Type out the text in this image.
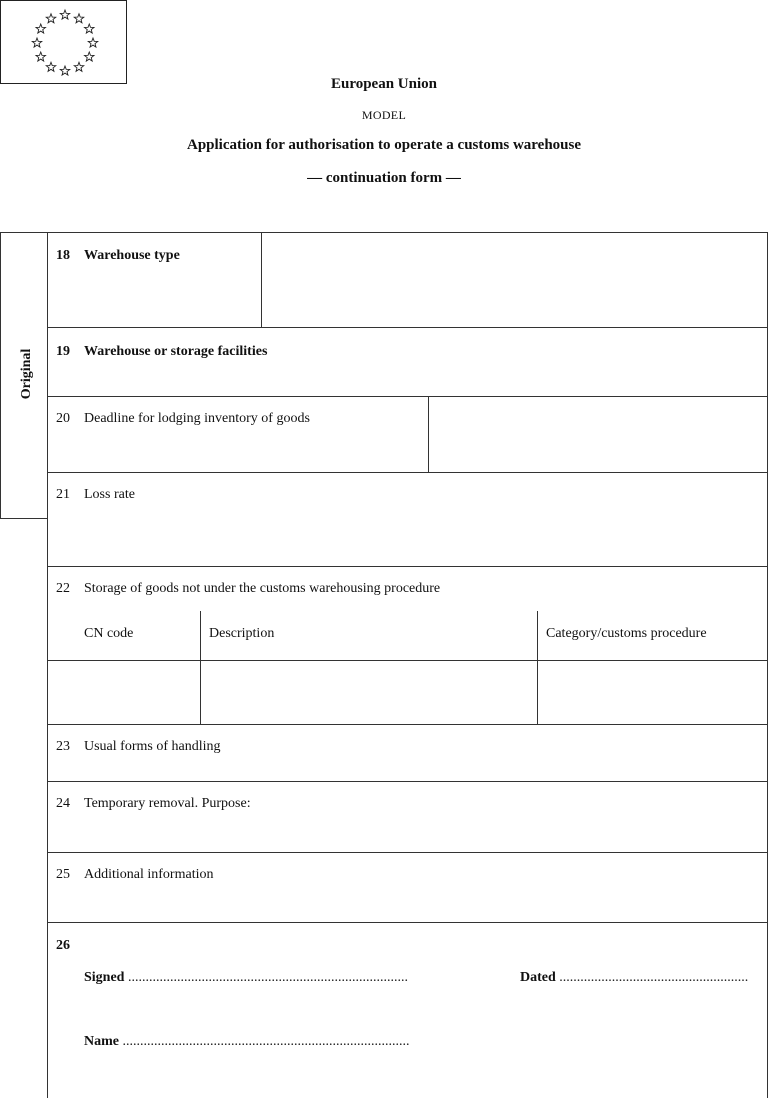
European Union
MODEL
Application for authorisation to operate a customs warehouse
— continuation form —
Original
18 Warehouse type
19 Warehouse or storage facilities
20 Deadline for lodging inventory of goods
21 Loss rate
22 Storage of goods not under the customs warehousing procedure
CN code	Description	Category/customs procedure
23 Usual forms of handling
24 Temporary removal. Purpose:
25 Additional information
26
Signed ................................................................................	Dated ......................................................
Name ..................................................................................
